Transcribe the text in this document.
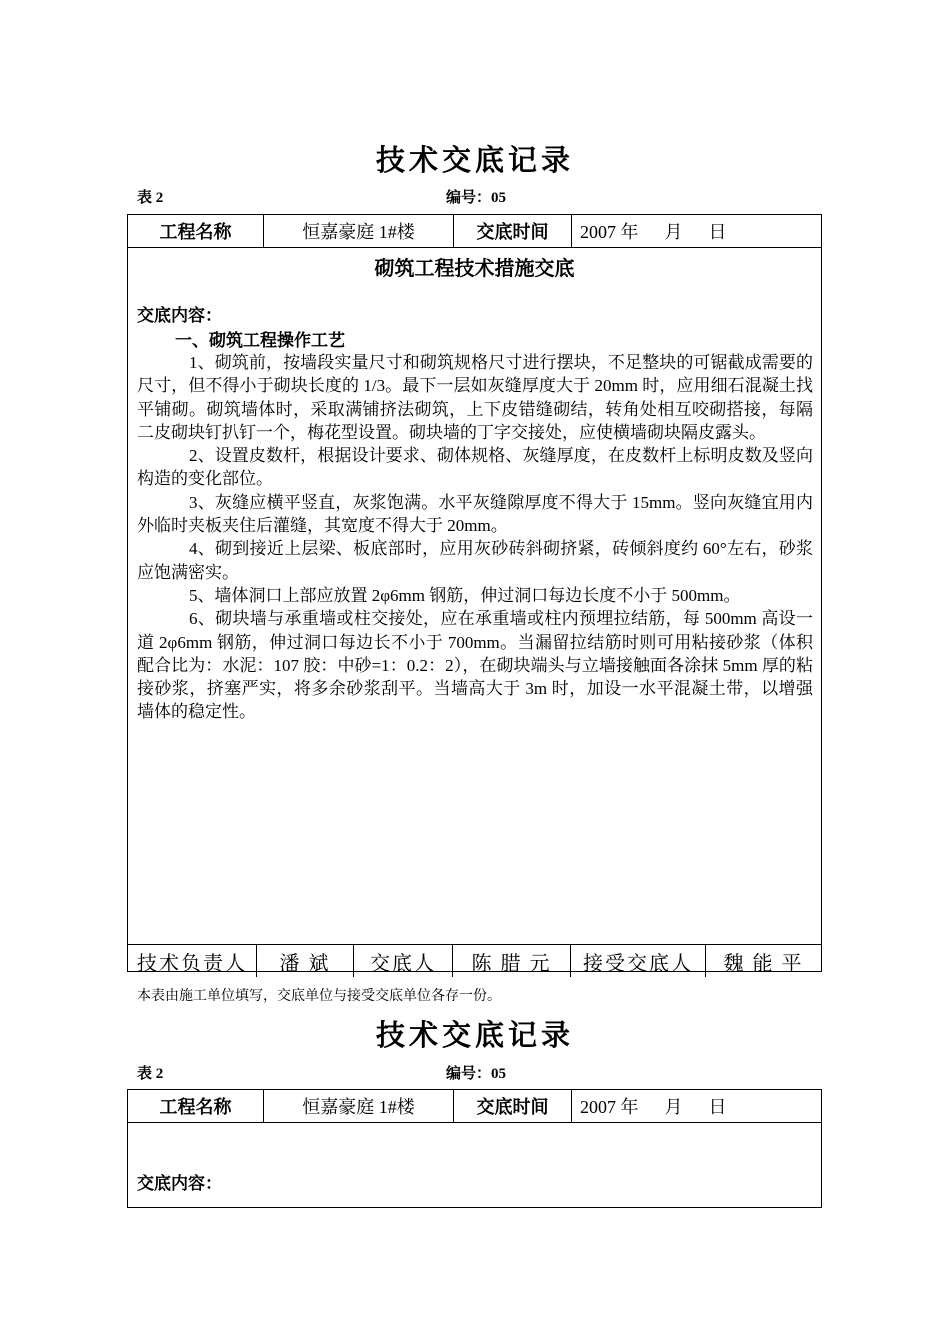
技术交底记录
表 2	编号：05
工程名称	恒嘉豪庭 1#楼	交底时间	2007 年 月 日
砌筑工程技术措施交底
交底内容：
一、砌筑工程操作工艺

1、砌筑前，按墙段实量尺寸和砌筑规格尺寸进行摆块，不足整块的可锯截成需要的尺寸，但不得小于砌块长度的 1/3。最下一层如灰缝厚度大于 20mm 时，应用细石混凝土找平铺砌。砌筑墙体时，采取满铺挤法砌筑，上下皮错缝砌结，转角处相互咬砌搭接，每隔二皮砌块钉扒钉一个，梅花型设置。砌块墙的丁字交接处，应使横墙砌块隔皮露头。

2、设置皮数杆，根据设计要求、砌体规格、灰缝厚度，在皮数杆上标明皮数及竖向构造的变化部位。

3、灰缝应横平竖直，灰浆饱满。水平灰缝隙厚度不得大于 15mm。竖向灰缝宜用内外临时夹板夹住后灌缝，其宽度不得大于 20mm。

4、砌到接近上层梁、板底部时，应用灰砂砖斜砌挤紧，砖倾斜度约 60°左右，砂浆应饱满密实。

5、墙体洞口上部应放置 2φ6mm 钢筋，伸过洞口每边长度不小于 500mm。

6、砌块墙与承重墙或柱交接处，应在承重墙或柱内预埋拉结筋，每 500mm 高设一道 2φ6mm 钢筋，伸过洞口每边长不小于 700mm。当漏留拉结筋时则可用粘接砂浆（体积配合比为：水泥：107 胶：中砂=1：0.2：2），在砌块端头与立墙接触面各涂抹 5mm 厚的粘接砂浆，挤塞严实，将多余砂浆刮平。当墙高大于 3m 时，加设一水平混凝土带，以增强墙体的稳定性。

技术负责人	潘 斌	交底人	陈 腊 元	接受交底人	魏 能 平
本表由施工单位填写，交底单位与接受交底单位各存一份。
技术交底记录
表 2	编号：05
工程名称	恒嘉豪庭 1#楼	交底时间	2007 年 月 日
交底内容：
